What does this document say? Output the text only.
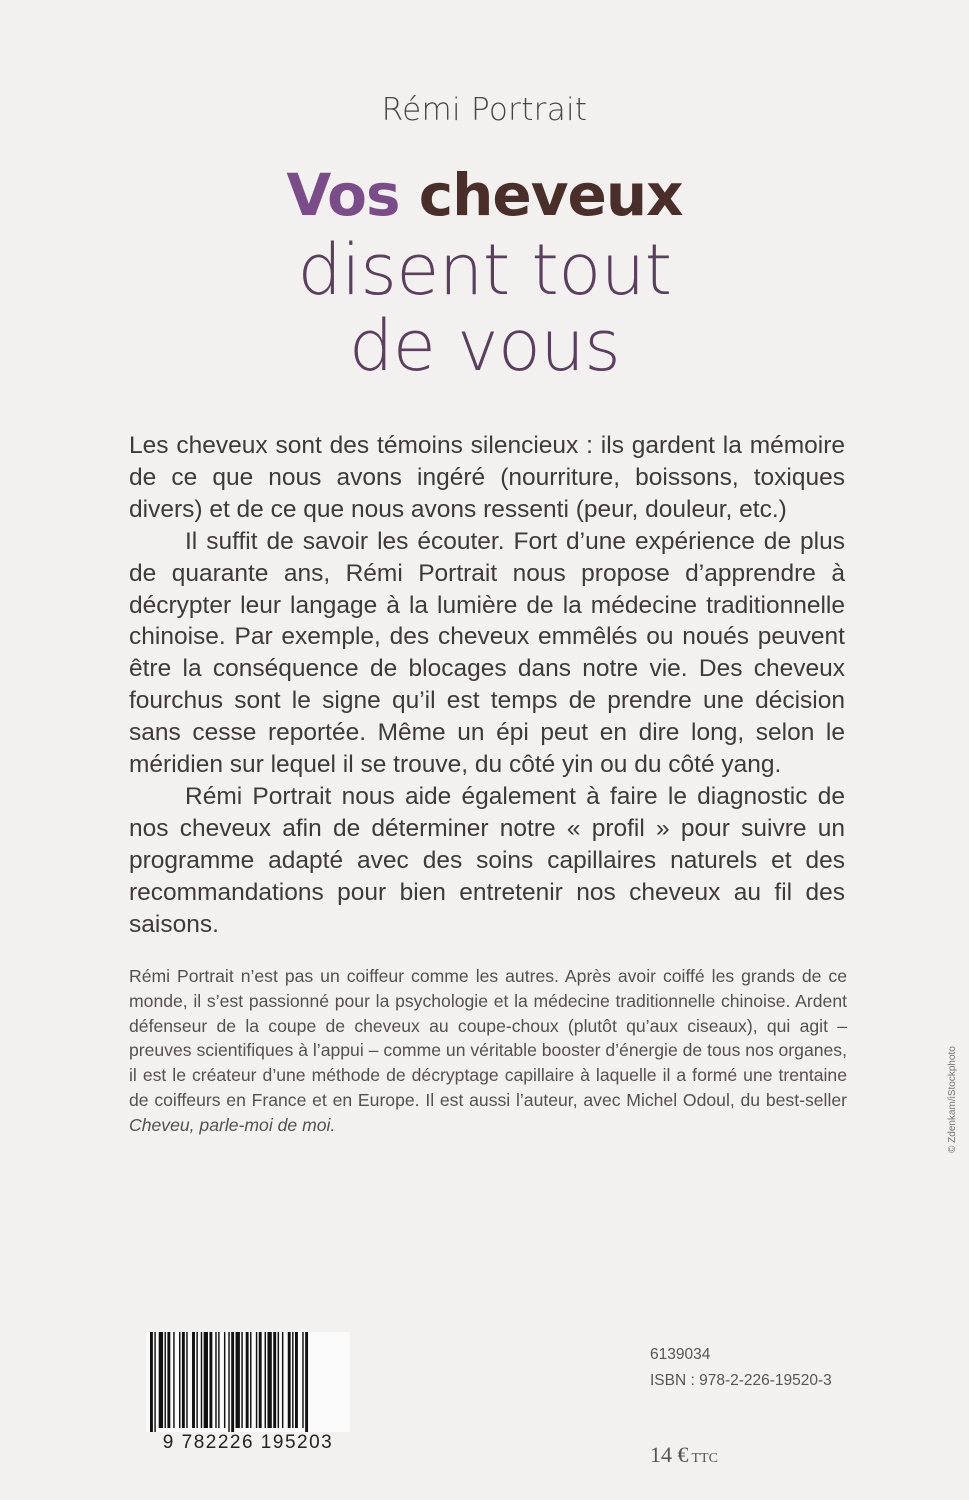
Rémi Portrait
Vos cheveux
disent tout
de vous

Les cheveux sont des témoins silencieux : ils gardent la mémoire de ce que nous avons ingéré (nourriture, boissons, toxiques divers) et de ce que nous avons ressenti (peur, douleur, etc.)

Il suffit de savoir les écouter. Fort d’une expérience de plus de quarante ans, Rémi Portrait nous propose d’apprendre à décrypter leur langage à la lumière de la médecine traditionnelle chinoise. Par exemple, des cheveux emmêlés ou noués peuvent être la conséquence de blocages dans notre vie. Des cheveux fourchus sont le signe qu’il est temps de prendre une décision sans cesse reportée. Même un épi peut en dire long, selon le méridien sur lequel il se trouve, du côté yin ou du côté yang.

Rémi Portrait nous aide également à faire le diagnostic de nos cheveux afin de déterminer notre « profil » pour suivre un programme adapté avec des soins capillaires naturels et des recommandations pour bien entretenir nos cheveux au fil des saisons.

Rémi Portrait n’est pas un coiffeur comme les autres. Après avoir coiffé les grands de ce monde, il s’est passionné pour la psychologie et la médecine traditionnelle chinoise. Ardent défenseur de la coupe de cheveux au coupe-choux (plutôt qu’aux ciseaux), qui agit – preuves scientifiques à l’appui – comme un véritable booster d’énergie de tous nos organes, il est le créateur d’une méthode de décryptage capillaire à laquelle il a formé une trentaine de coiffeurs en France et en Europe. Il est aussi l’auteur, avec Michel Odoul, du best-seller Cheveu, parle-moi de moi.	© Zdenkam/iStockphoto
9 782226 195203
6139034
ISBN : 978-2-226-19520-3
14 € TTC
